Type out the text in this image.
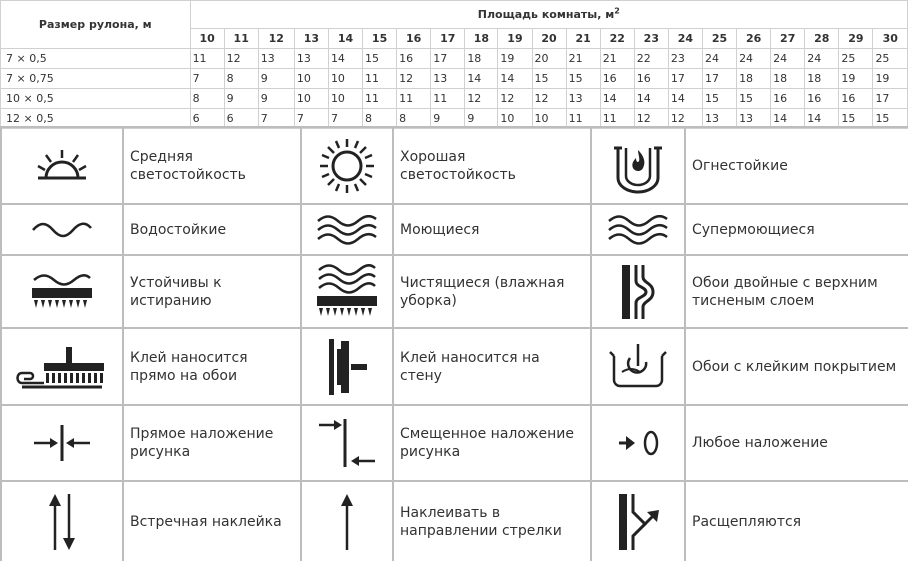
Размер рулона, м	Площадь комнаты, $м^2$
	10	11	12	13	14	15	16	17	18	19	20	21	22	23	24	25	26	27	28	29	30
7 × 0,5	11	12	13	13	14	15	16	17	18	19	20	21	21	22	23	24	24	24	24	25	25
7 × 0,75	7	8	9	10	10	11	12	13	14	14	15	15	16	16	17	17	18	18	18	19	19
10 × 0,5	8	9	9	10	10	11	11	11	12	12	12	13	14	14	14	15	15	16	16	16	17
12 × 0,5	6	6	7	7	7	8	8	9	9	10	10	11	11	12	12	13	13	14	14	15	15
	Средняя светостойкость		Хорошая светостойкость		Огнестойкие

	Водостойкие		Моющиеся		Супермоющиеся

	Устойчивы к истиранию		Чистящиеся (влажная уборка)		Обои двойные с верхним тисненым слоем

	Клей наносится прямо на обои		Клей наносится на стену		Обои с клейким покрытием

	Прямое наложение рисунка		Смещенное наложение рисунка		Любое наложение

	Встречная наклейка		Наклеивать в направлении стрелки		Расщепляются
